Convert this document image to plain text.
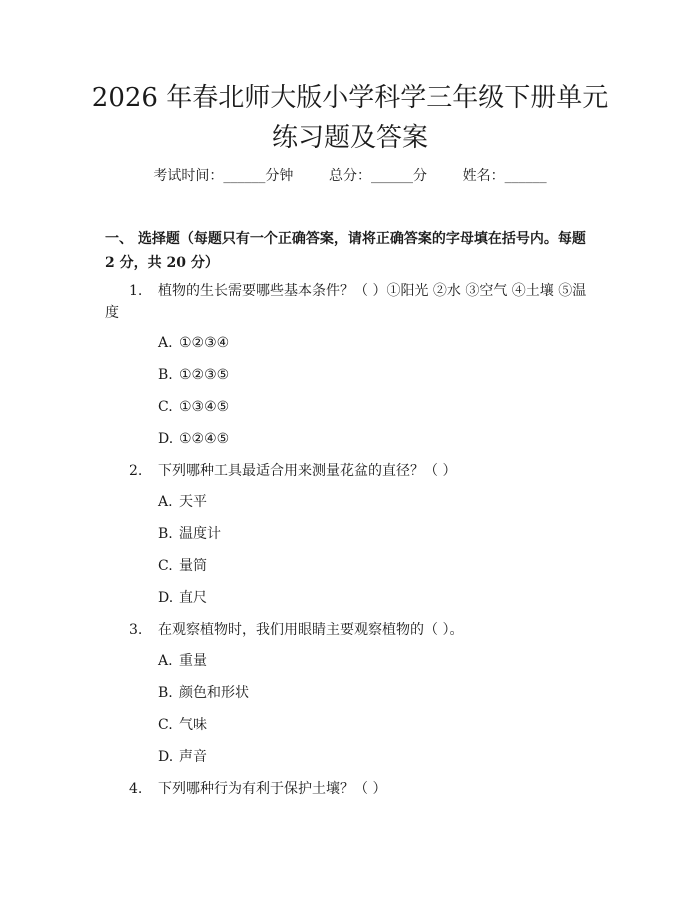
2026 年春北师大版小学科学三年级下册单元
练习题及答案
考试时间：______分钟	总分：______分	姓名：______
一、 选择题（每题只有一个正确答案，请将正确答案的字母填在括号内。每题 2 分，共 20 分）
1. 植物的生长需要哪些基本条件？（ ）①阳光 ②水 ③空气 ④土壤 ⑤温度
A. ①②③④
B. ①②③⑤
C. ①③④⑤
D. ①②④⑤
2. 下列哪种工具最适合用来测量花盆的直径？（ ）
A. 天平
B. 温度计
C. 量筒
D. 直尺
3. 在观察植物时，我们用眼睛主要观察植物的（ ）。
A. 重量
B. 颜色和形状
C. 气味
D. 声音
4. 下列哪种行为有利于保护土壤？（ ）
